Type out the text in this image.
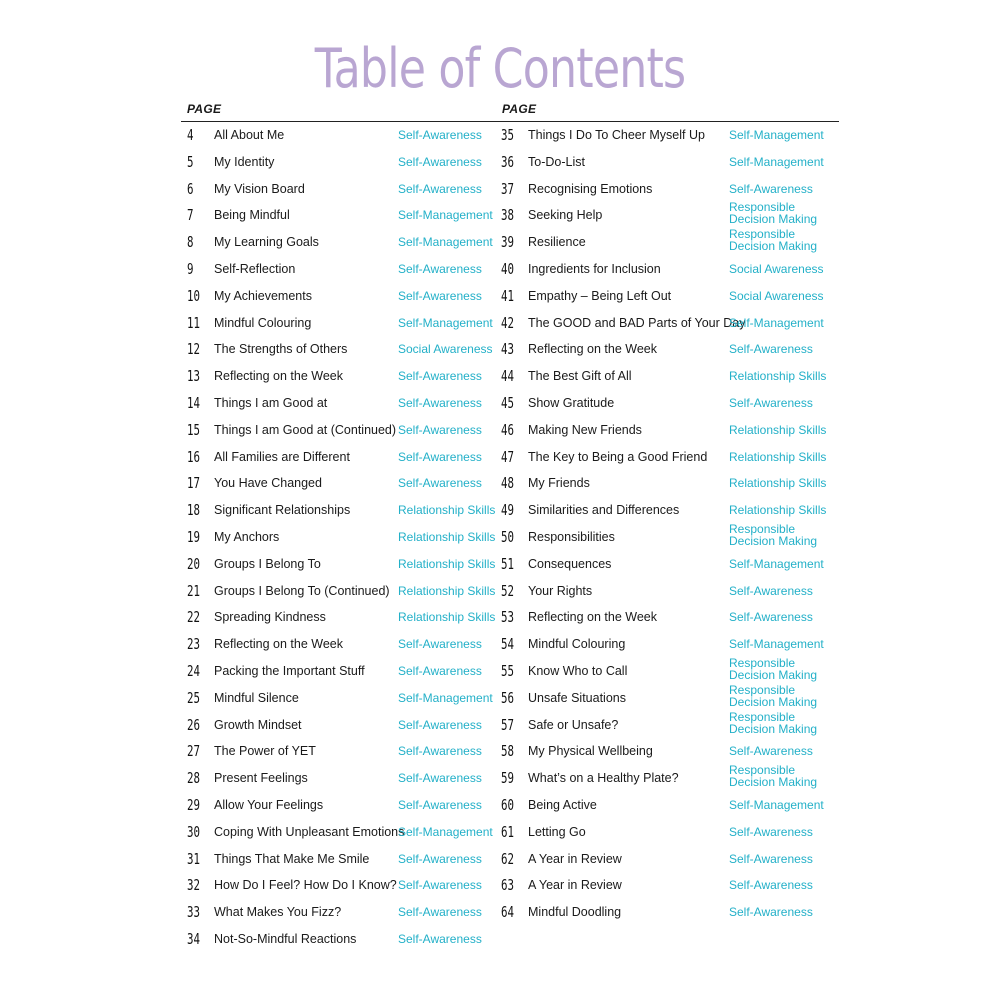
Table of Contents
PAGE	PAGE
4 All About Me	Self-Awareness
5 My Identity	Self-Awareness
6 My Vision Board	Self-Awareness
7 Being Mindful	Self-Management
8 My Learning Goals	Self-Management
9 Self-Reflection	Self-Awareness
10 My Achievements	Self-Awareness
11 Mindful Colouring	Self-Management
12 The Strengths of Others	Social Awareness
13 Reflecting on the Week	Self-Awareness
14 Things I am Good at	Self-Awareness
15 Things I am Good at (Continued) Self-Awareness
16 All Families are Different	Self-Awareness
17 You Have Changed	Self-Awareness
18 Significant Relationships	Relationship Skills
19 My Anchors	Relationship Skills
20 Groups I Belong To	Relationship Skills
21 Groups I Belong To (Continued) Relationship Skills
22 Spreading Kindness	Relationship Skills
23 Reflecting on the Week	Self-Awareness
24 Packing the Important Stuff	Self-Awareness
25 Mindful Silence	Self-Management
26 Growth Mindset	Self-Awareness
27 The Power of YET	Self-Awareness
28 Present Feelings	Self-Awareness
29 Allow Your Feelings	Self-Awareness
30 Coping With Unpleasant Emotions
Self-Management
31 Things That Make Me Smile Self-Awareness
32 How Do I Feel? How Do I Know? Self-Awareness
33 What Makes You Fizz?	Self-Awareness
34 Not-So-Mindful Reactions	Self-Awareness
35 Things I Do To Cheer Myself Up Self-Management
36 To-Do-List	Self-Management
37 Recognising Emotions	Self-Awareness
38 Seeking Help
Responsible
Decision Making
39 Resilience
Responsible
Decision Making
40 Ingredients for Inclusion	Social Awareness
41 Empathy – Being Left Out	Social Awareness
42 The GOOD and BAD Parts of Your Day
Self-Management
43 Reflecting on the Week	Self-Awareness
44 The Best Gift of All	Relationship Skills
45 Show Gratitude	Self-Awareness
46 Making New Friends	Relationship Skills
47 The Key to Being a Good Friend Relationship Skills
48 My Friends	Relationship Skills
49 Similarities and Differences	Relationship Skills
50 Responsibilities
Responsible
Decision Making
51 Consequences	Self-Management
52 Your Rights	Self-Awareness
53 Reflecting on the Week	Self-Awareness
54 Mindful Colouring	Self-Management
55 Know Who to Call
Responsible
Decision Making
56 Unsafe Situations
Responsible
Decision Making
57 Safe or Unsafe?
Responsible
Decision Making
58 My Physical Wellbeing	Self-Awareness
59 What’s on a Healthy Plate?
Responsible
Decision Making
60 Being Active	Self-Management
61 Letting Go	Self-Awareness
62 A Year in Review	Self-Awareness
63 A Year in Review	Self-Awareness
64 Mindful Doodling	Self-Awareness
